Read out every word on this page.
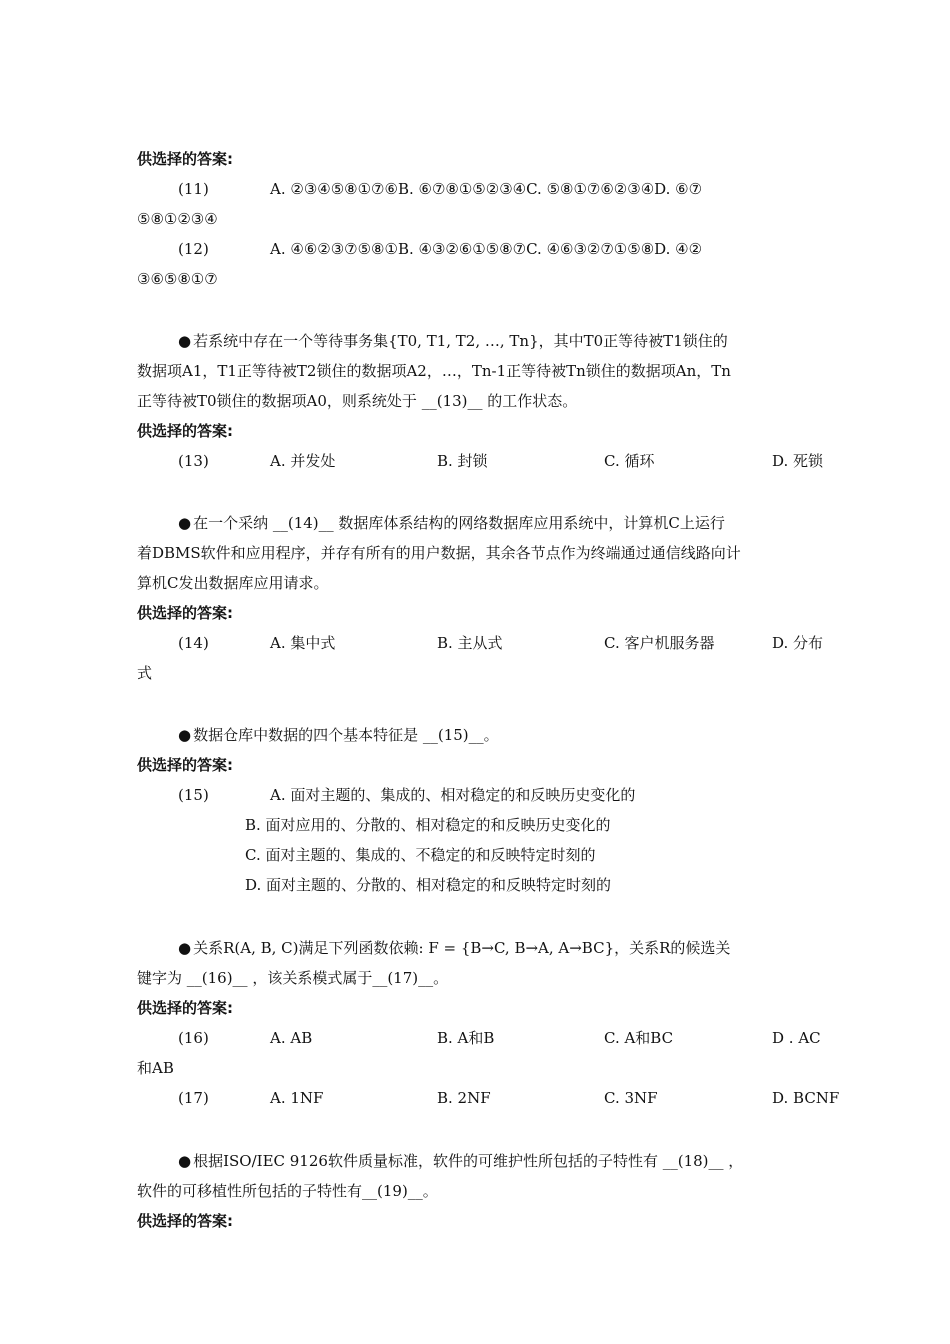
供选择的答案:
(11)	A. ②③④⑤⑧①⑦⑥B. ⑥⑦⑧①⑤②③④C. ⑤⑧①⑦⑥②③④D. ⑥⑦
⑤⑧①②③④
(12)	A. ④⑥②③⑦⑤⑧①B. ④③②⑥①⑤⑧⑦C. ④⑥③②⑦①⑤⑧D. ④②
③⑥⑤⑧①⑦
● 若系统中存在一个等待事务集{T0, T1, T2, …, Tn}，其中T0正等待被T1锁住的
数据项A1，T1正等待被T2锁住的数据项A2，…，Tn-1正等待被Tn锁住的数据项An，Tn
正等待被T0锁住的数据项A0，则系统处于 __(13)__ 的工作状态。
供选择的答案:
(13)	A. 并发处	B. 封锁	C. 循环	D. 死锁
● 在一个采纳 __(14)__ 数据库体系结构的网络数据库应用系统中，计算机C上运行
着DBMS软件和应用程序，并存有所有的用户数据，其余各节点作为终端通过通信线路向计
算机C发出数据库应用请求。
供选择的答案:
(14)	A. 集中式	B. 主从式	C. 客户机服务器	D. 分布
式
● 数据仓库中数据的四个基本特征是 __(15)__。
供选择的答案:
(15)	A. 面对主题的、集成的、相对稳定的和反映历史变化的
B. 面对应用的、分散的、相对稳定的和反映历史变化的
C. 面对主题的、集成的、不稳定的和反映特定时刻的
D. 面对主题的、分散的、相对稳定的和反映特定时刻的
● 关系R(A, B, C)满足下列函数依赖: F = {B→C, B→A, A→BC}，关系R的候选关
键字为 __(16)__ ，该关系模式属于__(17)__。
供选择的答案:
(16)	A. AB	B. A和B	C. A和BC	D . AC
和AB
(17)	A. 1NF	B. 2NF	C. 3NF	D. BCNF
● 根据ISO/IEC 9126软件质量标准，软件的可维护性所包括的子特性有 __(18)__ ，
软件的可移植性所包括的子特性有__(19)__。
供选择的答案:
